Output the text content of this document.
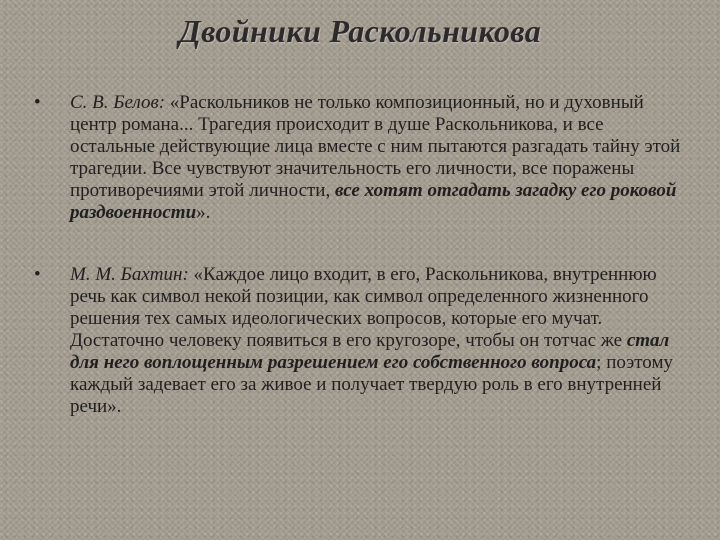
Двойники Раскольникова
• С. В. Белов: «Раскольников не только композиционный, но и духовный центр романа... Трагедия происходит в душе Раскольникова, и все остальные действующие лица вместе с ним пытаются разгадать тайну этой трагедии. Все чувствуют значительность его личности, все поражены противоречиями этой личности, все хотят отгадать загадку его роковой раздвоенности».
• М. М. Бахтин: «Каждое лицо входит, в его, Раскольникова, внутреннюю речь как символ некой позиции, как символ определенного жизненного решения тех самых идеологических вопросов, которые его мучат. Достаточно человеку появиться в его кругозоре, чтобы он тотчас же стал для него воплощенным разрешением его собственного вопроса; поэтому каждый задевает его за живое и получает твердую роль в его внутренней речи».
